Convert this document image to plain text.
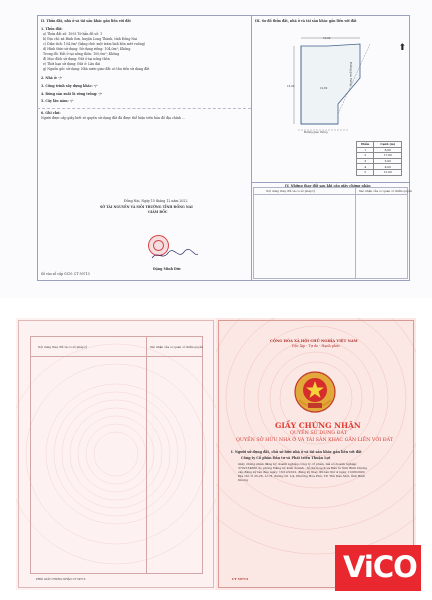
II. Thửa đất, nhà ở và tài sản khác gắn liền với đất	III. Sơ đồ thửa đất, nhà ở và tài sản khác gắn liền với đất
1. Thửa đất:
a) Thửa đất số: 1093 Tờ bản đồ số: 1
b) Địa chỉ: xã Bình Sơn, huyện Long Thành, tỉnh Đồng Nai
c) Diện tích: 104,0m² (bằng chữ: một trăm linh bốn mét vuông)
d) Hình thức sử dụng: Sử dụng riêng: 104,0m²; Không
Trong đó: Đất ở tại nông thôn: 100,0m²; Không
đ) Mục đích sử dụng: Đất ở tại nông thôn
e) Thời hạn sử dụng: Đất ở: Lâu dài
g) Nguồn gốc sử dụng: Nhà nước giao đất có thu tiền sử dụng đất
2. Nhà ở: -/-
3. Công trình xây dựng khác: -/-
4. Rừng sản xuất là rừng trồng: -/-
5. Cây lâu năm: -/-
6. Ghi chú:
Người được cấp giấy biết rõ quyền sử dụng đất đã được thể hiện trên bản đồ địa chính ...
Đồng Nai, Ngày 15 tháng 12 năm 2022
SỞ TÀI NGUYÊN VÀ MÔI TRƯỜNG TỈNH ĐỒNG NAI
GIÁM ĐỐC
Đặng Minh Đức
Số vào sổ cấp GCN: CT 59713
⬆
10,00
16,00
10,82
Đường giao thông
Đường giao thông
Điểm	Cạnh (m)
1	8,00
2	17,00
3	5,00
4	4,00
5	21,00
IV. Những thay đổi sau khi cấp giấy chứng nhận
Nội dung thay đổi và cơ sở pháp lý	Xác nhận của cơ quan có thẩm quyền
Nội dung thay đổi và cơ sở pháp lý	Xác nhận của cơ quan có thẩm quyền
PHÔI GIẤY CHỨNG NHẬN CT 59713
CỘNG HÒA XÃ HỘI CHỦ NGHĨA VIỆT NAM
Độc lập - Tự do - Hạnh phúc
GIẤY CHỨNG NHẬN
QUYỀN SỬ DỤNG ĐẤT
QUYỀN SỞ HỮU NHÀ Ở VÀ TÀI SẢN KHÁC GẮN LIỀN VỚI ĐẤT
I. Người sử dụng đất, chủ sở hữu nhà ở và tài sản khác gắn liền với đất
Công ty Cổ phần Đầu tư và Phát triển Thuận Lợi
Giấy chứng nhận đăng ký doanh nghiệp công ty cổ phần, mã số doanh nghiệp:
3702134668 do phòng Đăng ký kinh doanh - Sở Kế hoạch và Đầu tư tỉnh Bình Dương
cấp đăng ký lần đầu ngày: 16/12/2012, đăng ký thay đổi lần thứ 4 ngày 11/08/2020
Địa chỉ: Ô 25-26, Lô H, đường D1 Lợi, Phường Hòa Phú, TP. Thủ Dầu Một, tỉnh Bình
Dương
CT 59713	ViCO
